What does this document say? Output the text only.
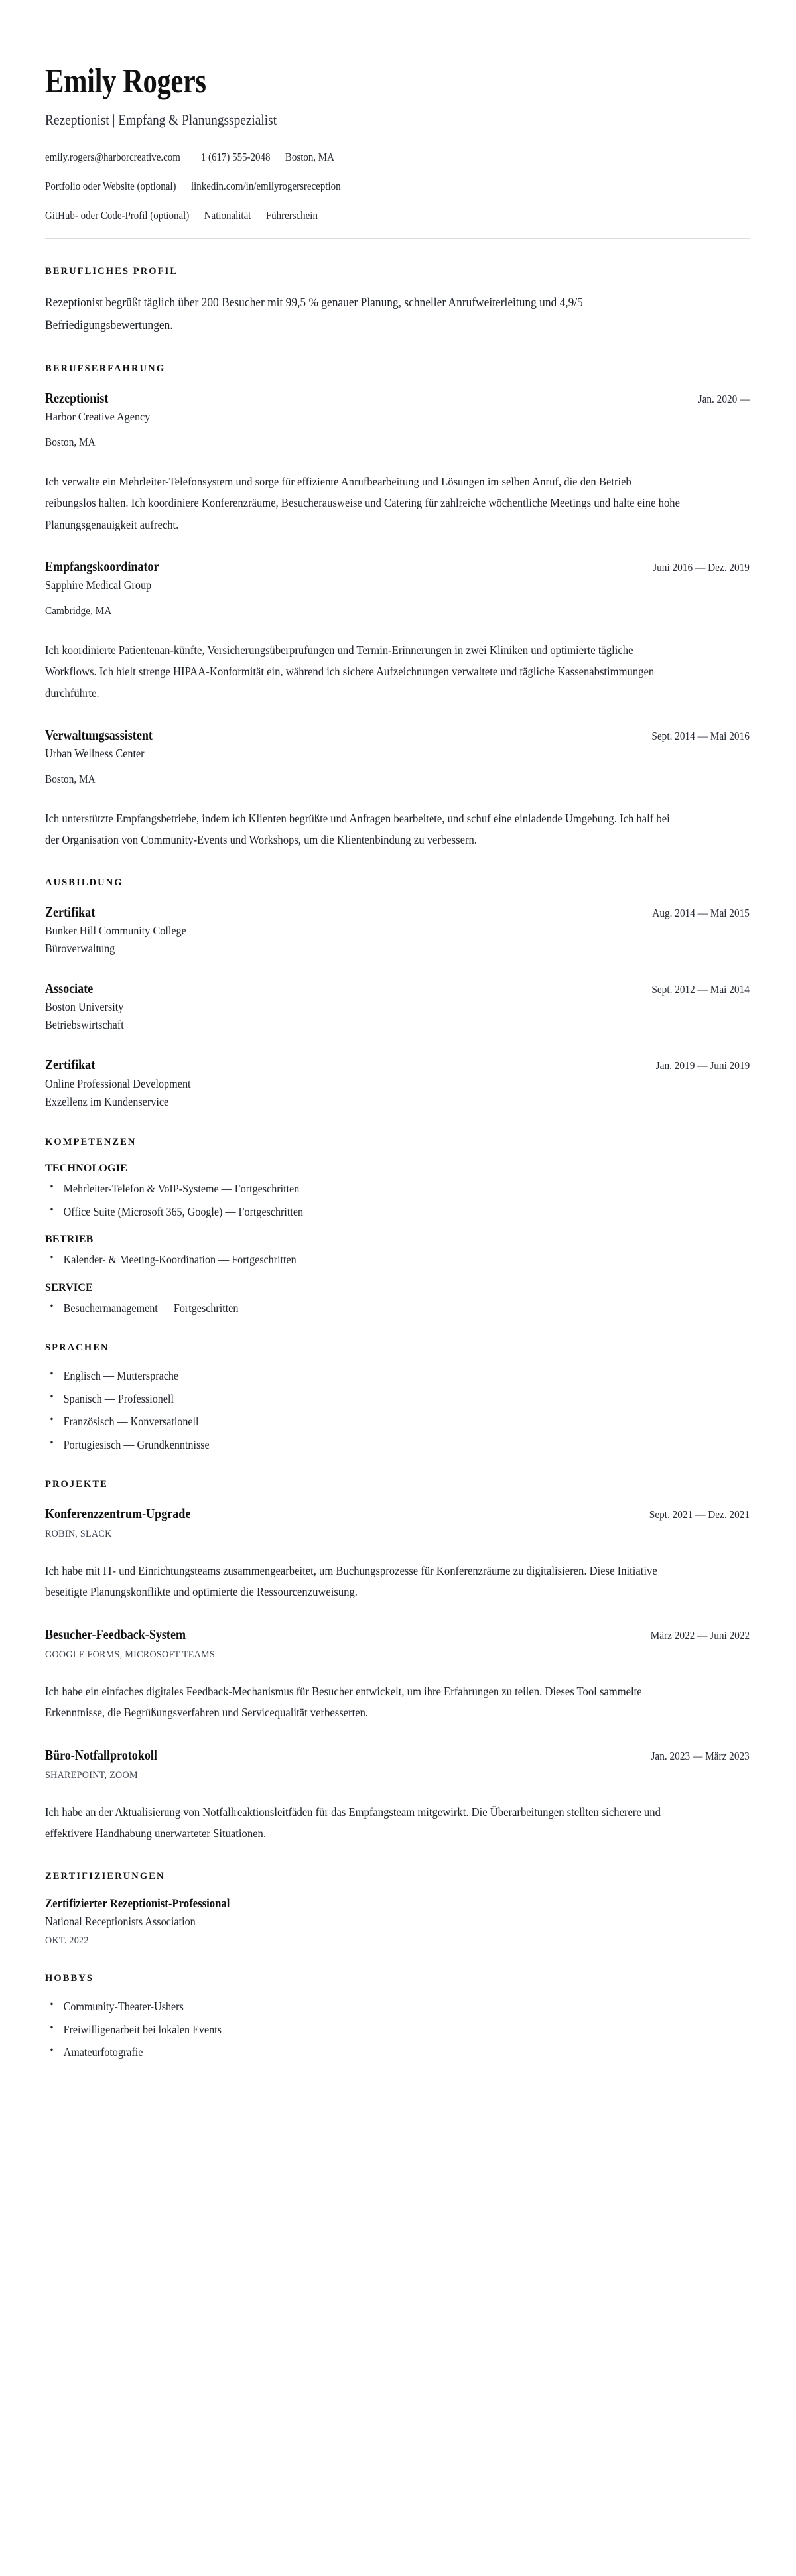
Emily Rogers
Rezeptionist | Empfang & Planungsspezialist
emily.rogers@harborcreative.com +1 (617) 555-2048 Boston, MA
Portfolio oder Website (optional) linkedin.com/in/emilyrogersreception
GitHub- oder Code-Profil (optional) Nationalität Führerschein
BERUFLICHES PROFIL

Rezeptionist begrüßt täglich über 200 Besucher mit 99,5 % genauer Planung, schneller Anrufweiterleitung und 4,9/5 Befriedigungsbewertungen.

BERUFSERFAHRUNG
Rezeptionist	Jan. 2020 —
Harbor Creative Agency
Boston, MA

Ich verwalte ein Mehrleiter-Telefonsystem und sorge für effiziente Anrufbearbeitung und Lösungen im selben Anruf, die den Betrieb reibungslos halten. Ich koordiniere Konferenzräume, Besucherausweise und Catering für zahlreiche wöchentliche Meetings und halte eine hohe Planungsgenauigkeit aufrecht.

Empfangskoordinator	Juni 2016 — Dez. 2019
Sapphire Medical Group
Cambridge, MA

Ich koordinierte Patientenan-künfte, Versicherungsüberprüfungen und Termin-Erinnerungen in zwei Kliniken und optimierte tägliche Workflows. Ich hielt strenge HIPAA-Konformität ein, während ich sichere Aufzeichnungen verwaltete und tägliche Kassenabstimmungen durchführte.

Verwaltungsassistent	Sept. 2014 — Mai 2016
Urban Wellness Center
Boston, MA

Ich unterstützte Empfangsbetriebe, indem ich Klienten begrüßte und Anfragen bearbeitete, und schuf eine einladende Umgebung. Ich half bei der Organisation von Community-Events und Workshops, um die Klientenbindung zu verbessern.

AUSBILDUNG
Zertifikat	Aug. 2014 — Mai 2015
Bunker Hill Community College
Büroverwaltung
Associate	Sept. 2012 — Mai 2014
Boston University
Betriebswirtschaft
Zertifikat	Jan. 2019 — Juni 2019
Online Professional Development
Exzellenz im Kundenservice
KOMPETENZEN
TECHNOLOGIE
• Mehrleiter-Telefon & VoIP-Systeme — Fortgeschritten
• Office Suite (Microsoft 365, Google) — Fortgeschritten
BETRIEB
• Kalender- & Meeting-Koordination — Fortgeschritten
SERVICE
• Besuchermanagement — Fortgeschritten
SPRACHEN
• Englisch — Muttersprache
• Spanisch — Professionell
• Französisch — Konversationell
• Portugiesisch — Grundkenntnisse
PROJEKTE
Konferenzzentrum-Upgrade	Sept. 2021 — Dez. 2021
ROBIN, SLACK

Ich habe mit IT- und Einrichtungsteams zusammengearbeitet, um Buchungsprozesse für Konferenzräume zu digitalisieren. Diese Initiative beseitigte Planungskonflikte und optimierte die Ressourcenzuweisung.

Besucher-Feedback-System	März 2022 — Juni 2022
GOOGLE FORMS, MICROSOFT TEAMS

Ich habe ein einfaches digitales Feedback-Mechanismus für Besucher entwickelt, um ihre Erfahrungen zu teilen. Dieses Tool sammelte Erkenntnisse, die Begrüßungsverfahren und Servicequalität verbesserten.

Büro-Notfallprotokoll	Jan. 2023 — März 2023
SHAREPOINT, ZOOM

Ich habe an der Aktualisierung von Notfallreaktionsleitfäden für das Empfangsteam mitgewirkt. Die Überarbeitungen stellten sicherere und effektivere Handhabung unerwarteter Situationen.

ZERTIFIZIERUNGEN
Zertifizierter Rezeptionist-Professional
National Receptionists Association
OKT. 2022
HOBBYS
• Community-Theater-Ushers
• Freiwilligenarbeit bei lokalen Events
• Amateurfotografie
